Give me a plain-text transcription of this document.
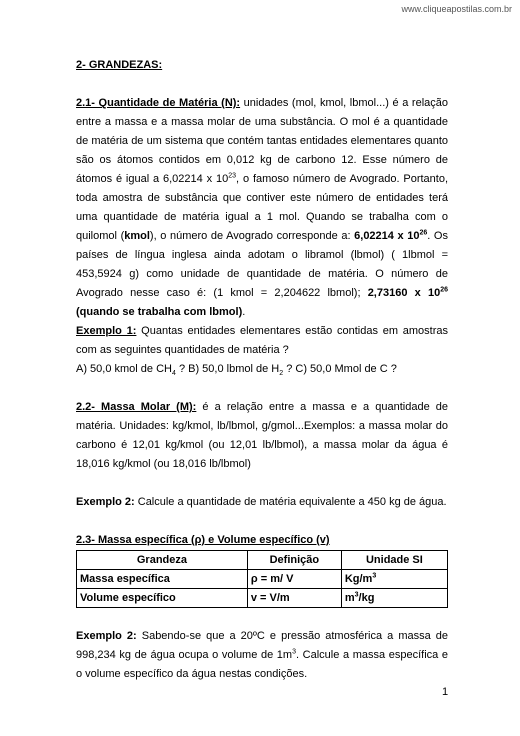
www.cliqueapostilas.com.br

2- GRANDEZAS:

2.1- Quantidade de Matéria (N): unidades (mol, kmol, lbmol...) é a relação entre a massa e a massa molar de uma substância. O mol é a quantidade de matéria de um sistema que contém tantas entidades elementares quanto são os átomos contidos em 0,012 kg de carbono 12. Esse número de átomos é igual a 6,02214 x $10^{23}$, o famoso número de Avogrado. Portanto, toda amostra de substância que contiver este número de entidades terá uma quantidade de matéria igual a 1 mol. Quando se trabalha com o quilomol (kmol), o número de Avogrado corresponde a: 6,02214 x $10^{26}$. Os países de língua inglesa ainda adotam o libramol (lbmol) ( 1lbmol = 453,5924 g) como unidade de quantidade de matéria. O número de Avogrado nesse caso é: (1 kmol = 2,204622 lbmol); 2,73160 x $10^{26}$ (quando se trabalha com lbmol).

Exemplo 1: Quantas entidades elementares estão contidas em amostras com as seguintes quantidades de matéria ?

A) 50,0 kmol de $CH_4$ ? B) 50,0 lbmol de $H_2$ ? C) 50,0 Mmol de C ?

2.2- Massa Molar (M): é a relação entre a massa e a quantidade de matéria. Unidades: kg/kmol, lb/lbmol, g/gmol...Exemplos: a massa molar do carbono é 12,01 kg/kmol (ou 12,01 lb/lbmol), a massa molar da água é 18,016 kg/kmol (ou 18,016 lb/lbmol)

Exemplo 2: Calcule a quantidade de matéria equivalente a 450 kg de água.

2.3- Massa específica (ρ) e Volume específico (v)

Grandeza	Definição	Unidade SI
Massa específica	ρ = m/ V	$Kg/m^3$
Volume específico	v = V/m	$m^3/kg$

Exemplo 2: Sabendo-se que a 20ºC e pressão atmosférica a massa de 998,234 kg de água ocupa o volume de $1m^3$. Calcule a massa específica e o volume específico da água nestas condições.

1
